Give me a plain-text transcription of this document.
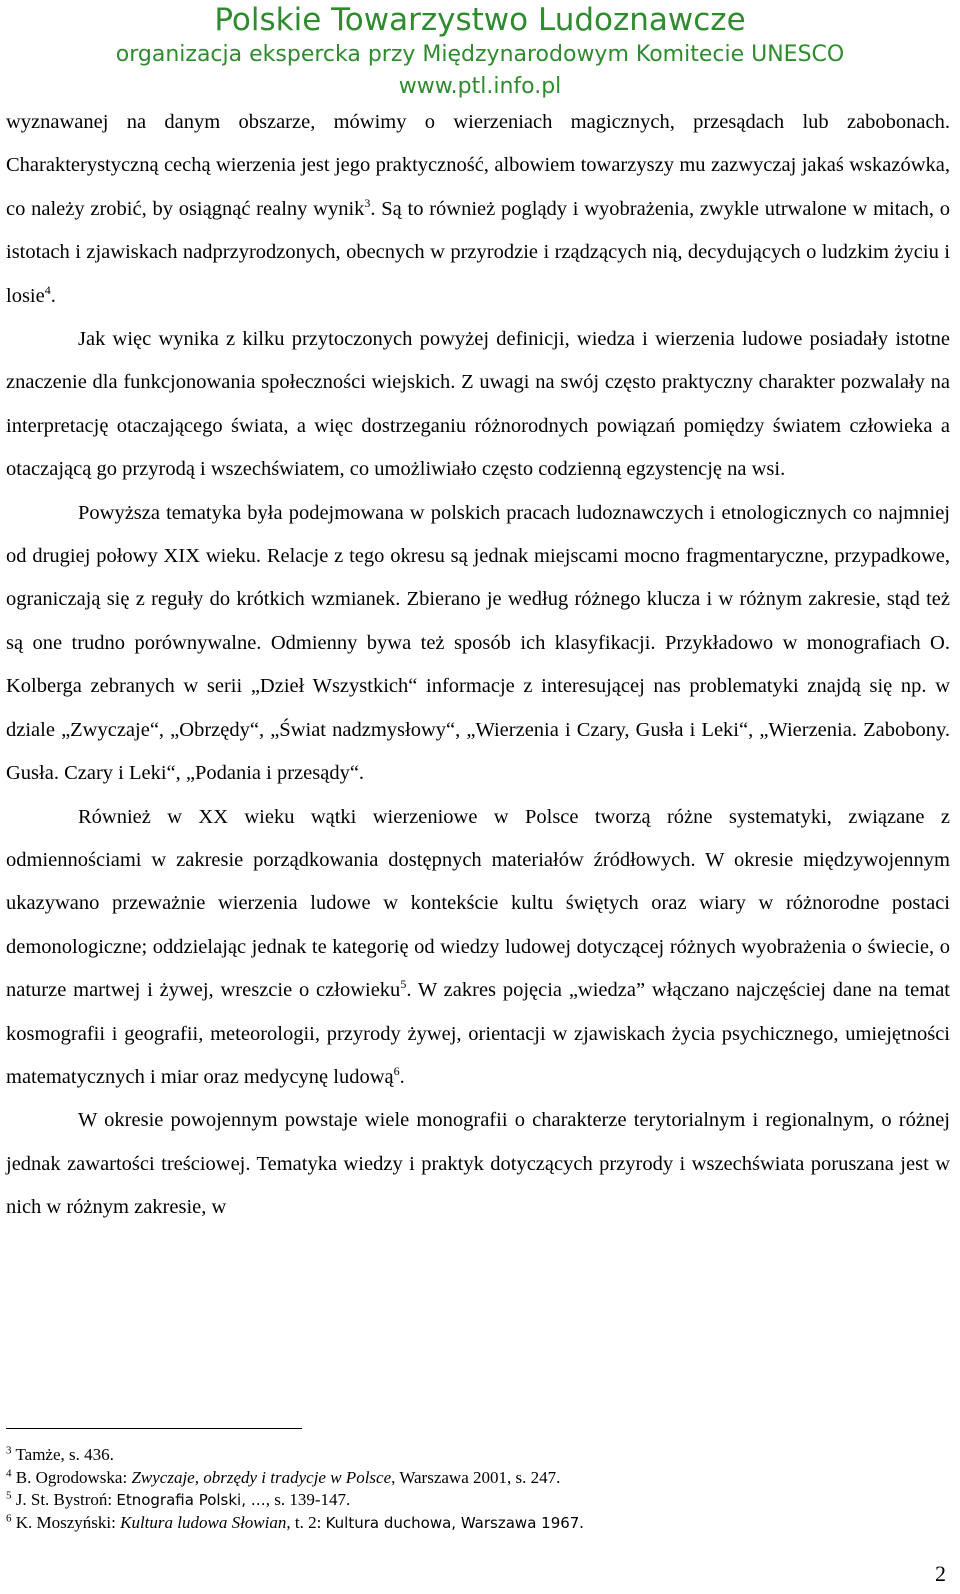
Polskie Towarzystwo Ludoznawcze
organizacja ekspercka przy Międzynarodowym Komitecie UNESCO
www.ptl.info.pl

wyznawanej na danym obszarze, mówimy o wierzeniach magicznych, przesądach lub zabobonach. Charakterystyczną cechą wierzenia jest jego praktyczność, albowiem towarzyszy mu zazwyczaj jakaś wskazówka, co należy zrobić, by osiągnąć realny wynik$^3$. Są to również poglądy i wyobrażenia, zwykle utrwalone w mitach, o istotach i zjawiskach nadprzyrodzonych, obecnych w przyrodzie i rządzących nią, decydujących o ludzkim życiu i losie$^4$.

Jak więc wynika z kilku przytoczonych powyżej definicji, wiedza i wierzenia ludowe posiadały istotne znaczenie dla funkcjonowania społeczności wiejskich. Z uwagi na swój często praktyczny charakter pozwalały na interpretację otaczającego świata, a więc dostrzeganiu różnorodnych powiązań pomiędzy światem człowieka a otaczającą go przyrodą i wszechświatem, co umożliwiało często codzienną egzystencję na wsi.

Powyższa tematyka była podejmowana w polskich pracach ludoznawczych i etnologicznych co najmniej od drugiej połowy XIX wieku. Relacje z tego okresu są jednak miejscami mocno fragmentaryczne, przypadkowe, ograniczają się z reguły do krótkich wzmianek. Zbierano je według różnego klucza i w różnym zakresie, stąd też są one trudno porównywalne. Odmienny bywa też sposób ich klasyfikacji. Przykładowo w monografiach O. Kolberga zebranych w serii „Dzieł Wszystkich“ informacje z interesującej nas problematyki znajdą się np. w dziale „Zwyczaje“, „Obrzędy“, „Świat nadzmysłowy“, „Wierzenia i Czary, Gusła i Leki“, „Wierzenia. Zabobony. Gusła. Czary i Leki“, „Podania i przesądy“.

Również w XX wieku wątki wierzeniowe w Polsce tworzą różne systematyki, związane z odmiennościami w zakresie porządkowania dostępnych materiałów źródłowych. W okresie międzywojennym ukazywano przeważnie wierzenia ludowe w kontekście kultu świętych oraz wiary w różnorodne postaci demonologiczne; oddzielając jednak te kategorię od wiedzy ludowej dotyczącej różnych wyobrażenia o świecie, o naturze martwej i żywej, wreszcie o człowieku$^5$. W zakres pojęcia „wiedza” włączano najczęściej dane na temat kosmografii i geografii, meteorologii, przyrody żywej, orientacji w zjawiskach życia psychicznego, umiejętności matematycznych i miar oraz medycynę ludową$^6$.

W okresie powojennym powstaje wiele monografii o charakterze terytorialnym i regionalnym, o różnej jednak zawartości treściowej. Tematyka wiedzy i praktyk dotyczących przyrody i wszechświata poruszana jest w nich w różnym zakresie, w

$^3$ Tamże, s. 436.
$^4$ B. Ogrodowska: Zwyczaje, obrzędy i tradycje w Polsce, Warszawa 2001, s. 247.
$^5$ J. St. Bystroń: Etnografia Polski, …, s. 139-147.
$^6$ K. Moszyński: Kultura ludowa Słowian, t. 2: Kultura duchowa, Warszawa 1967.
2
